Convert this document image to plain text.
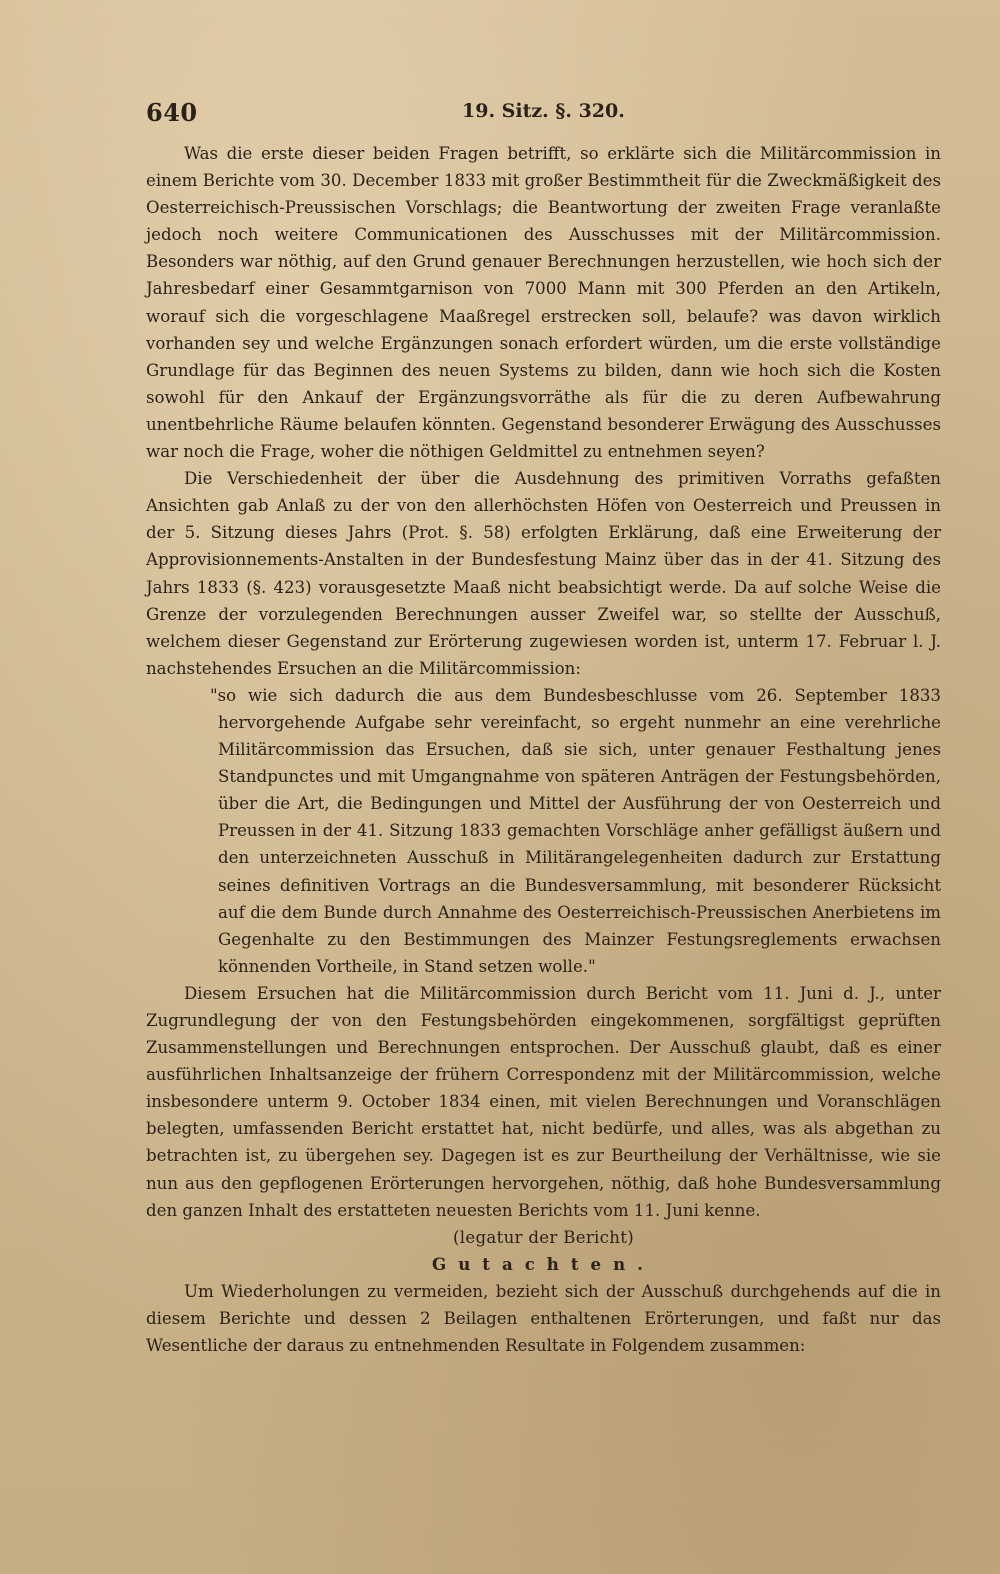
640	19. Sitz. §. 320.

Was die erste dieser beiden Fragen betrifft, so erklärte sich die Militärcommission in einem Berichte vom 30. December 1833 mit großer Bestimmtheit für die Zweckmäßigkeit des Oesterreichisch-Preussischen Vorschlags; die Beantwortung der zweiten Frage veranlaßte jedoch noch weitere Communicationen des Ausschusses mit der Militärcommission. Besonders war nöthig, auf den Grund genauer Berechnungen herzustellen, wie hoch sich der Jahresbedarf einer Gesammtgarnison von 7000 Mann mit 300 Pferden an den Artikeln, worauf sich die vorgeschlagene Maaßregel erstrecken soll, belaufe? was davon wirklich vorhanden sey und welche Ergänzungen sonach erfordert würden, um die erste vollständige Grundlage für das Beginnen des neuen Systems zu bilden, dann wie hoch sich die Kosten sowohl für den Ankauf der Ergänzungsvorräthe als für die zu deren Aufbewahrung unentbehrliche Räume belaufen könnten. Gegenstand besonderer Erwägung des Ausschusses war noch die Frage, woher die nöthigen Geldmittel zu entnehmen seyen?

Die Verschiedenheit der über die Ausdehnung des primitiven Vorraths gefaßten Ansichten gab Anlaß zu der von den allerhöchsten Höfen von Oesterreich und Preussen in der 5. Sitzung dieses Jahrs (Prot. §. 58) erfolgten Erklärung, daß eine Erweiterung der Approvisionnements-Anstalten in der Bundesfestung Mainz über das in der 41. Sitzung des Jahrs 1833 (§. 423) vorausgesetzte Maaß nicht beabsichtigt werde. Da auf solche Weise die Grenze der vorzulegenden Berechnungen ausser Zweifel war, so stellte der Ausschuß, welchem dieser Gegenstand zur Erörterung zugewiesen worden ist, unterm 17. Februar l. J. nachstehendes Ersuchen an die Militärcommission:

"so wie sich dadurch die aus dem Bundesbeschlusse vom 26. September 1833 hervorgehende Aufgabe sehr vereinfacht, so ergeht nunmehr an eine verehrliche Militärcommission das Ersuchen, daß sie sich, unter genauer Festhaltung jenes Standpunctes und mit Umgangnahme von späteren Anträgen der Festungsbehörden, über die Art, die Bedingungen und Mittel der Ausführung der von Oesterreich und Preussen in der 41. Sitzung 1833 gemachten Vorschläge anher gefälligst äußern und den unterzeichneten Ausschuß in Militärangelegenheiten dadurch zur Erstattung seines definitiven Vortrags an die Bundesversammlung, mit besonderer Rücksicht auf die dem Bunde durch Annahme des Oesterreichisch-Preussischen Anerbietens im Gegenhalte zu den Bestimmungen des Mainzer Festungsreglements erwachsen könnenden Vortheile, in Stand setzen wolle."

Diesem Ersuchen hat die Militärcommission durch Bericht vom 11. Juni d. J., unter Zugrundlegung der von den Festungsbehörden eingekommenen, sorgfältigst geprüften Zusammenstellungen und Berechnungen entsprochen. Der Ausschuß glaubt, daß es einer ausführlichen Inhaltsanzeige der frühern Correspondenz mit der Militärcommission, welche insbesondere unterm 9. October 1834 einen, mit vielen Berechnungen und Voranschlägen belegten, umfassenden Bericht erstattet hat, nicht bedürfe, und alles, was als abgethan zu betrachten ist, zu übergehen sey. Dagegen ist es zur Beurtheilung der Verhältnisse, wie sie nun aus den gepflogenen Erörterungen hervorgehen, nöthig, daß hohe Bundesversammlung den ganzen Inhalt des erstatteten neuesten Berichts vom 11. Juni kenne.

(legatur der Bericht)

Gutachten.

Um Wiederholungen zu vermeiden, bezieht sich der Ausschuß durchgehends auf die in diesem Berichte und dessen 2 Beilagen enthaltenen Erörterungen, und faßt nur das Wesentliche der daraus zu entnehmenden Resultate in Folgendem zusammen:
